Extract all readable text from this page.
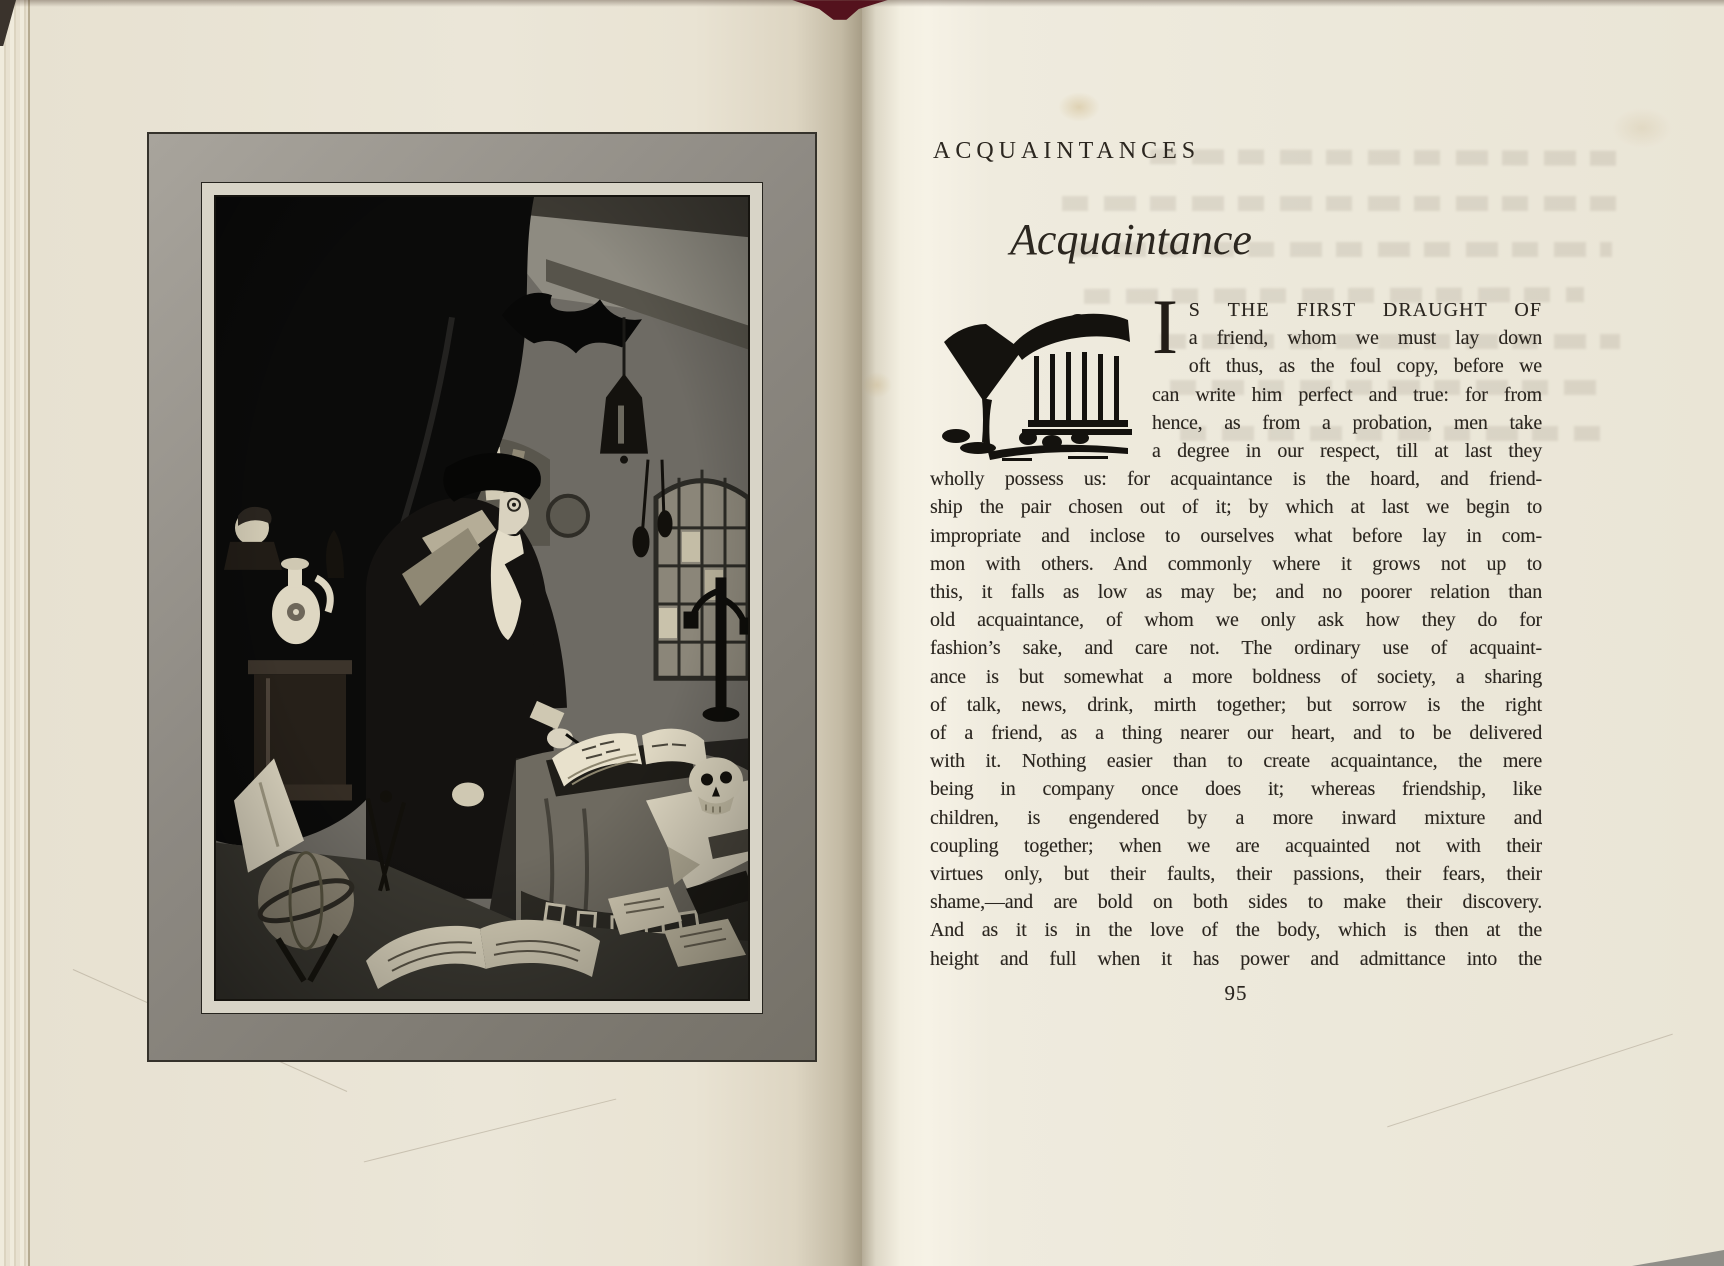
ACQUAINTANCES
Acquaintance
I S THE FIRST DRAUGHT OF
a friend, whom we must lay down
oft thus, as the foul copy, before we
can write him perfect and true: for from
hence, as from a probation, men take
a degree in our respect, till at last they
wholly possess us: for acquaintance is the hoard, and friend-
ship the pair chosen out of it; by which at last we begin to
impropriate and inclose to ourselves what before lay in com-
mon with others. And commonly where it grows not up to
this, it falls as low as may be; and no poorer relation than
old acquaintance, of whom we only ask how they do for
fashion’s sake, and care not. The ordinary use of acquaint-
ance is but somewhat a more boldness of society, a sharing
of talk, news, drink, mirth together; but sorrow is the right
of a friend, as a thing nearer our heart, and to be delivered
with it. Nothing easier than to create acquaintance, the mere
being in company once does it; whereas friendship, like
children, is engendered by a more inward mixture and
coupling together; when we are acquainted not with their
virtues only, but their faults, their passions, their fears, their
shame,—and are bold on both sides to make their discovery.
And as it is in the love of the body, which is then at the
height and full when it has power and admittance into the
95
